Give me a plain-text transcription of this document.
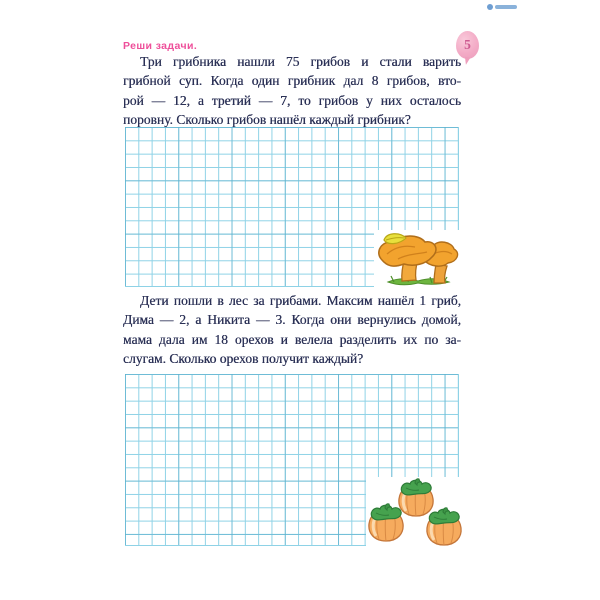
Реши задачи.	5
Три грибника нашли 75 грибов и стали варить
грибной суп. Когда один грибник дал 8 грибов, вто-
рой — 12, а третий — 7, то грибов у них осталось
поровну. Сколько грибов нашёл каждый грибник?
Дети пошли в лес за грибами. Максим нашёл 1 гриб,
Дима — 2, а Никита — 3. Когда они вернулись домой,
мама дала им 18 орехов и велела разделить их по за-
слугам. Сколько орехов получит каждый?
